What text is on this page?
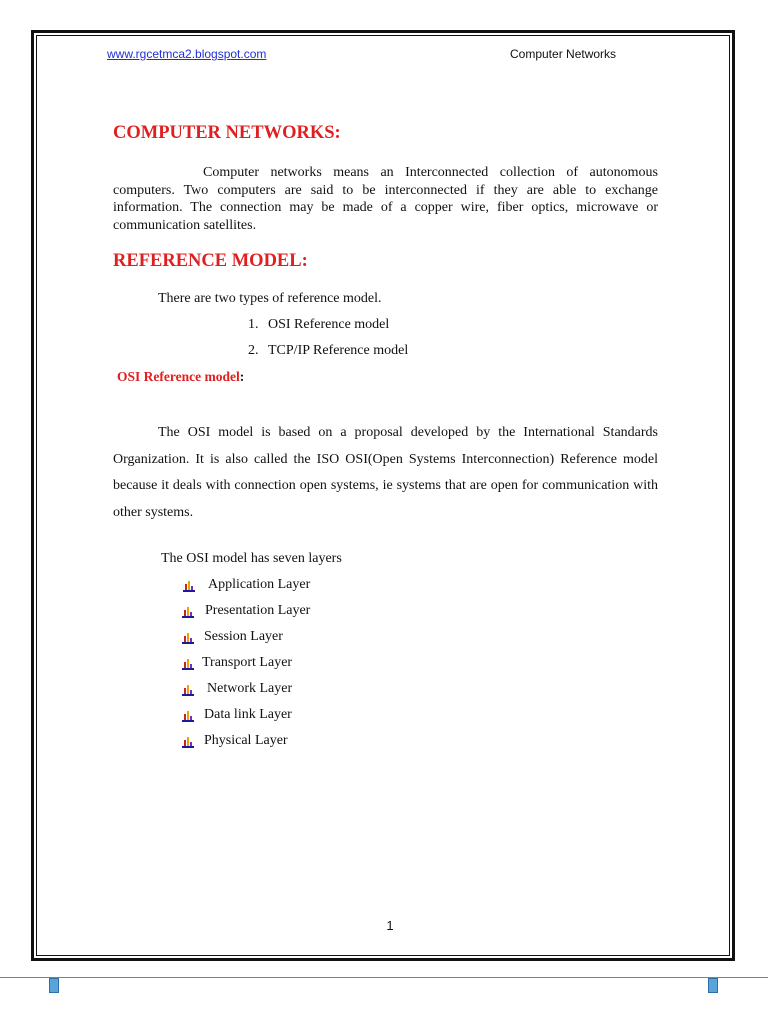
www.rgcetmca2.blogspot.com	Computer Networks
COMPUTER NETWORKS:

Computer networks means an Interconnected collection of autonomous computers. Two computers are said to be interconnected if they are able to exchange information. The connection may be made of a copper wire, fiber optics, microwave or communication satellites.

REFERENCE MODEL:
There are two types of reference model.
1. OSI Reference model
2. TCP/IP Reference model
OSI Reference model:

The OSI model is based on a proposal developed by the International Standards Organization. It is also called the ISO OSI(Open Systems Interconnection) Reference model because it deals with connection open systems, ie systems that are open for communication with other systems.

The OSI model has seven layers
Application Layer
Presentation Layer
Session Layer
Transport Layer
Network Layer
Data link Layer
Physical Layer
1
